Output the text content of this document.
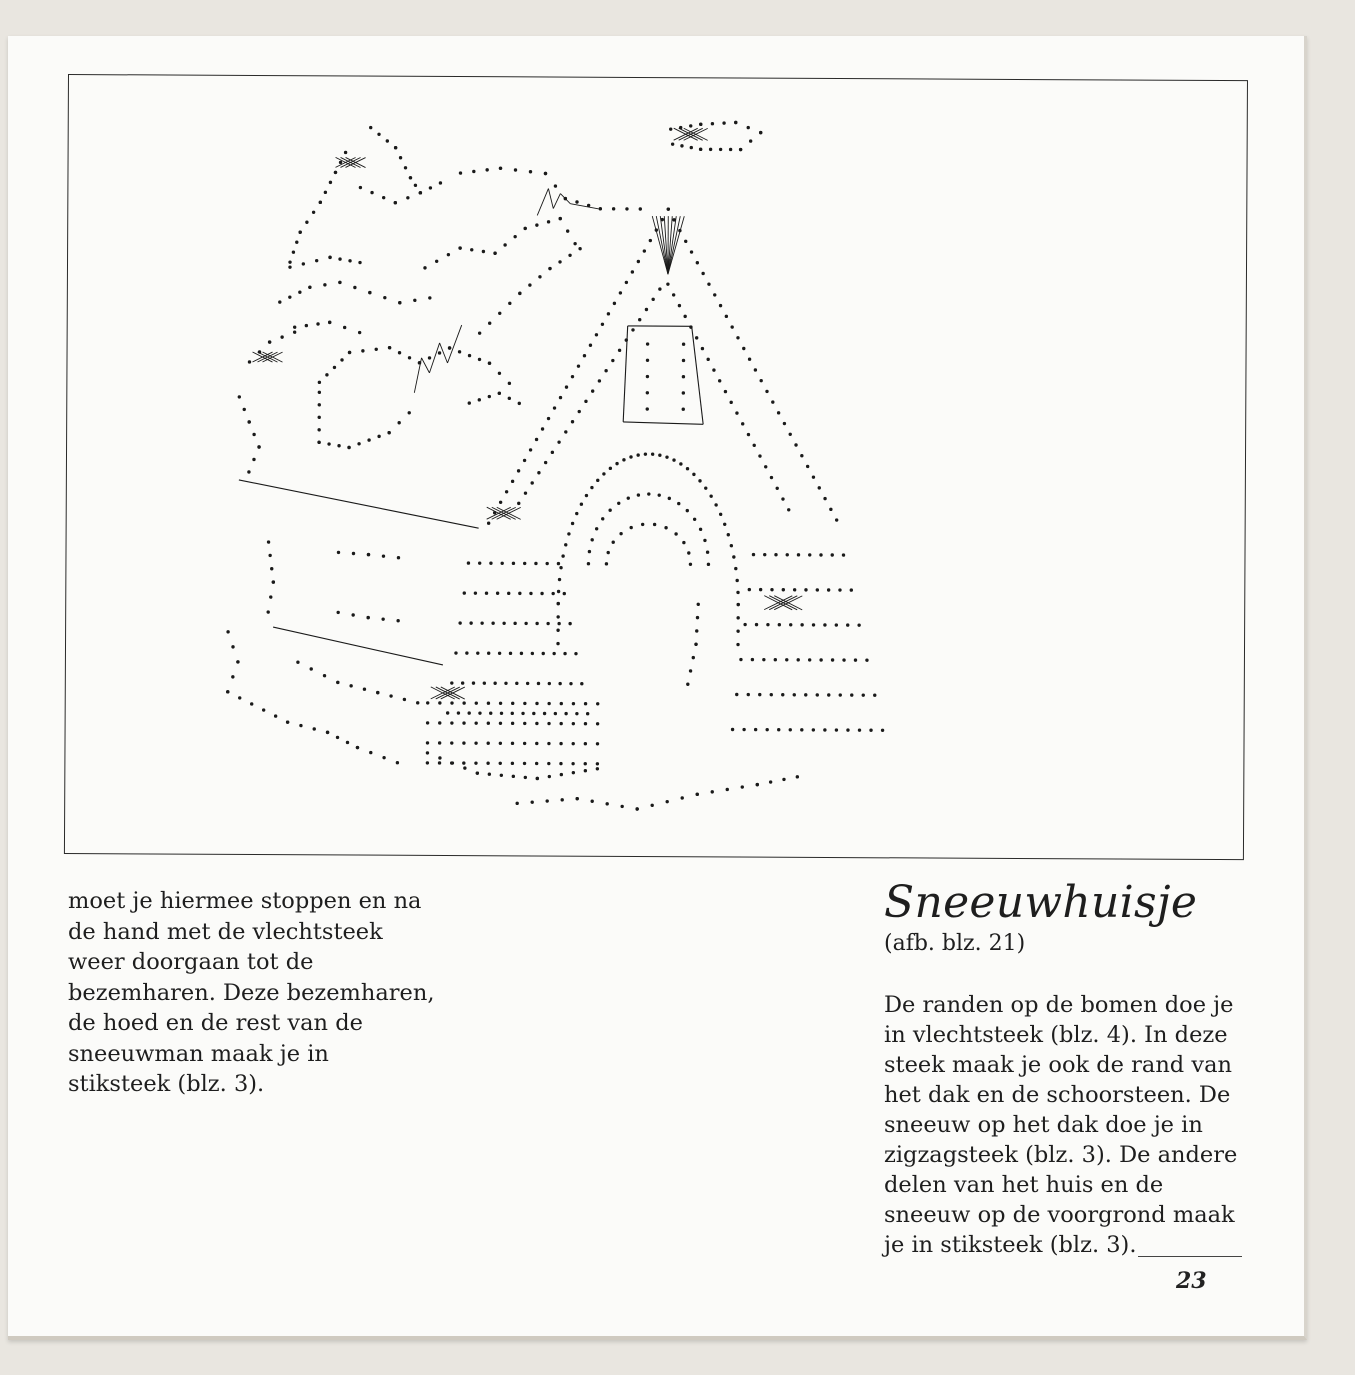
moet je hiermee stoppen en na de hand met de vlechtsteek weer doorgaan tot de bezemharen. Deze bezemharen, de hoed en de rest van de sneeuwman maak je in stiksteek (blz. 3).

Sneeuwhuisje
(afb. blz. 21)

De randen op de bomen doe je in vlechtsteek (blz. 4). In deze steek maak je ook de rand van het dak en de schoorsteen. De sneeuw op het dak doe je in zigzagsteek (blz. 3). De andere delen van het huis en de sneeuw op de voorgrond maak je in stiksteek (blz. 3).

23
